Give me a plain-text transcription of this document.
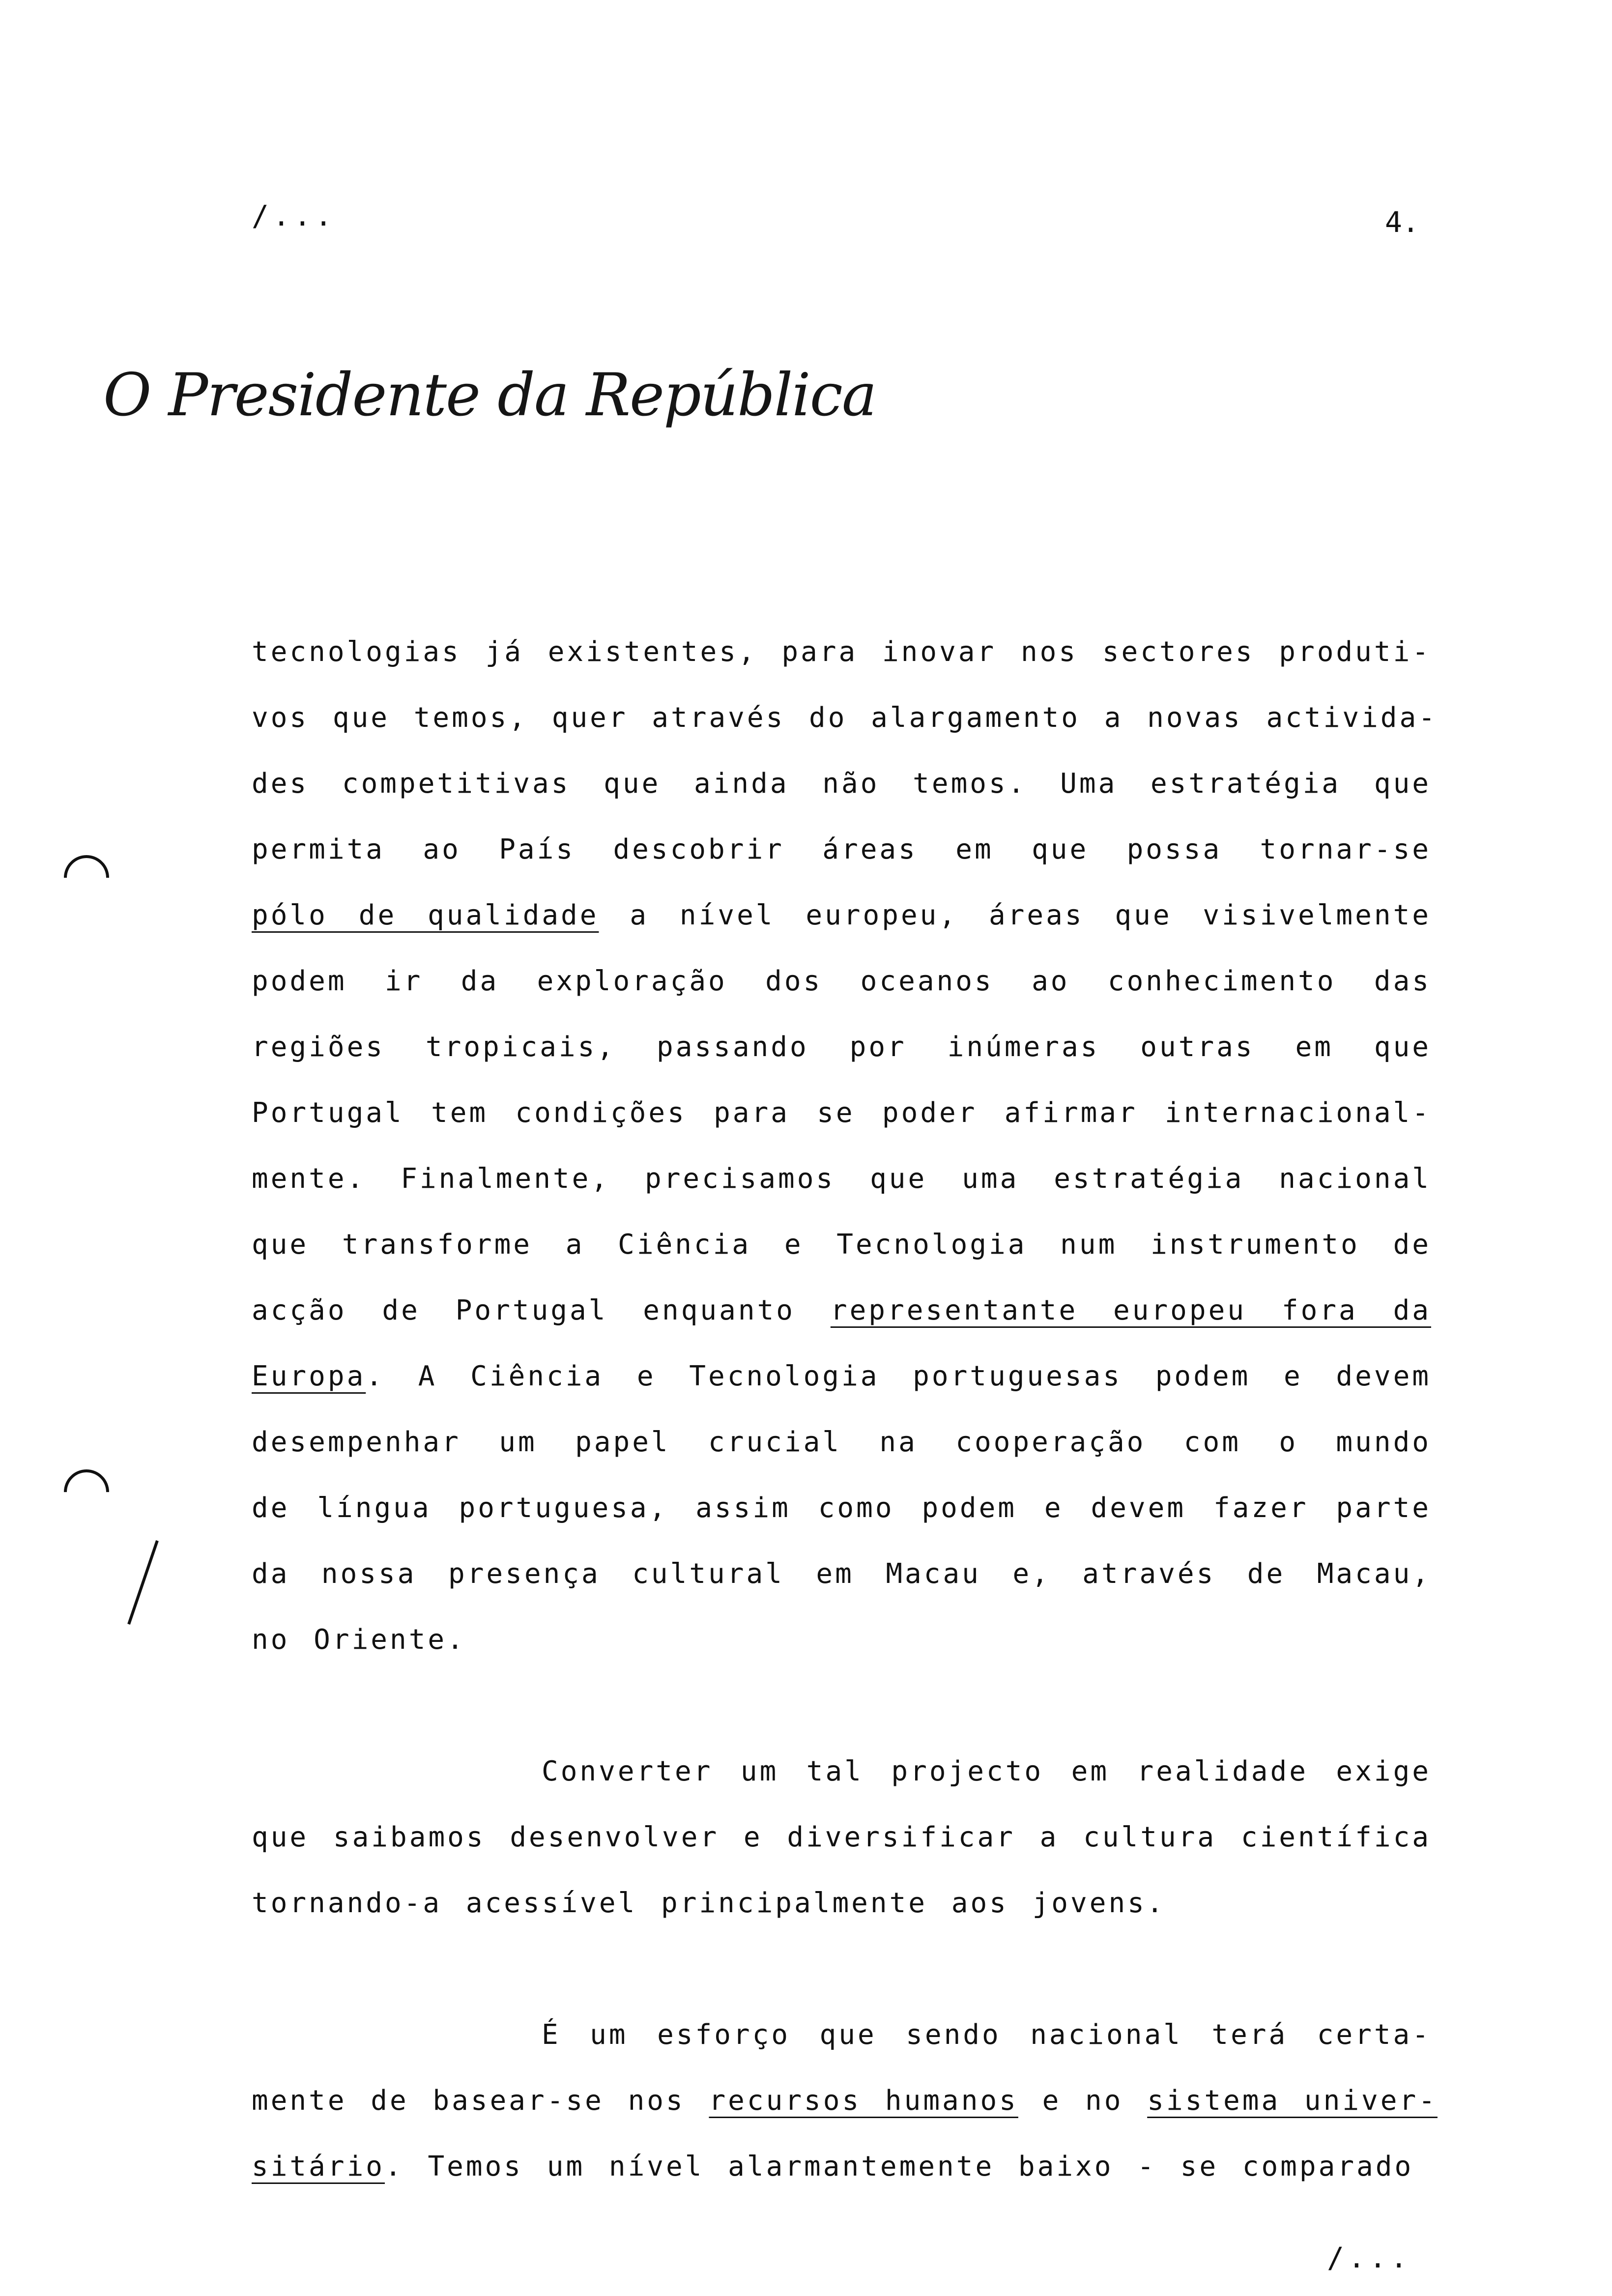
/...	4.
O Presidente da República
tecnologias já existentes, para inovar nos sectores produti-
vos que temos, quer através do alargamento a novas activida-
des competitivas que ainda não temos. Uma estratégia que
permita ao País descobrir áreas em que possa tornar-se
pólo de qualidade a nível europeu, áreas que visivelmente
podem ir da exploração dos oceanos ao conhecimento das
regiões tropicais, passando por inúmeras outras em que
Portugal tem condições para se poder afirmar internacional-
mente. Finalmente, precisamos que uma estratégia nacional
que transforme a Ciência e Tecnologia num instrumento de
acção de Portugal enquanto representante europeu fora da
Europa. A Ciência e Tecnologia portuguesas podem e devem
desempenhar um papel crucial na cooperação com o mundo
de língua portuguesa, assim como podem e devem fazer parte
da nossa presença cultural em Macau e, através de Macau,
no Oriente.
Converter um tal projecto em realidade exige
que saibamos desenvolver e diversificar a cultura científica
tornando-a acessível principalmente aos jovens.
É um esforço que sendo nacional terá certa-
mente de basear-se nos recursos humanos e no sistema univer-
sitário. Temos um nível alarmantemente baixo - se comparado
/...
